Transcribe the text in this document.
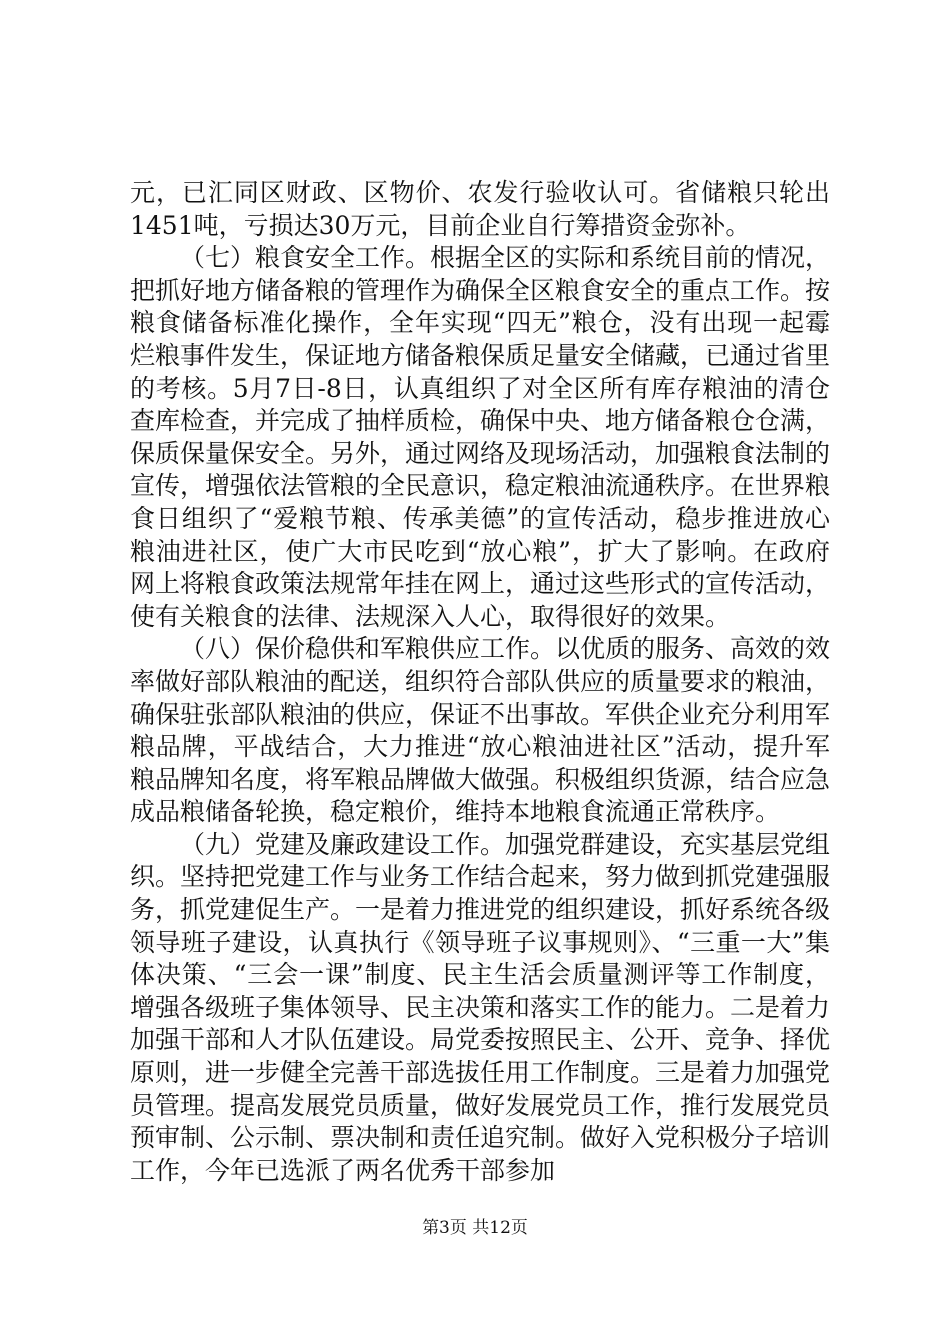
元，已汇同区财政、区物价、农发行验收认可。省储粮只轮出1451吨，亏损达30万元，目前企业自行筹措资金弥补。

（七）粮食安全工作。根据全区的实际和系统目前的情况，把抓好地方储备粮的管理作为确保全区粮食安全的重点工作。按粮食储备标准化操作，全年实现“四无”粮仓，没有出现一起霉烂粮事件发生，保证地方储备粮保质足量安全储藏，已通过省里的考核。5月7日-8日，认真组织了对全区所有库存粮油的清仓查库检查，并完成了抽样质检，确保中央、地方储备粮仓仓满，保质保量保安全。另外，通过网络及现场活动，加强粮食法制的宣传，增强依法管粮的全民意识，稳定粮油流通秩序。在世界粮食日组织了“爱粮节粮、传承美德”的宣传活动，稳步推进放心粮油进社区，使广大市民吃到“放心粮”，扩大了影响。在政府网上将粮食政策法规常年挂在网上，通过这些形式的宣传活动，使有关粮食的法律、法规深入人心，取得很好的效果。

（八）保价稳供和军粮供应工作。以优质的服务、高效的效率做好部队粮油的配送，组织符合部队供应的质量要求的粮油，确保驻张部队粮油的供应，保证不出事故。军供企业充分利用军粮品牌，平战结合，大力推进“放心粮油进社区”活动，提升军粮品牌知名度，将军粮品牌做大做强。积极组织货源，结合应急成品粮储备轮换，稳定粮价，维持本地粮食流通正常秩序。

（九）党建及廉政建设工作。加强党群建设，充实基层党组织。坚持把党建工作与业务工作结合起来，努力做到抓党建强服务，抓党建促生产。一是着力推进党的组织建设，抓好系统各级领导班子建设，认真执行《领导班子议事规则》、“三重一大”集体决策、“三会一课”制度、民主生活会质量测评等工作制度，增强各级班子集体领导、民主决策和落实工作的能力。二是着力加强干部和人才队伍建设。局党委按照民主、公开、竞争、择优原则，进一步健全完善干部选拔任用工作制度。三是着力加强党员管理。提高发展党员质量，做好发展党员工作，推行发展党员预审制、公示制、票决制和责任追究制。做好入党积极分子培训工作，今年已选派了两名优秀干部参加

第3页 共12页
